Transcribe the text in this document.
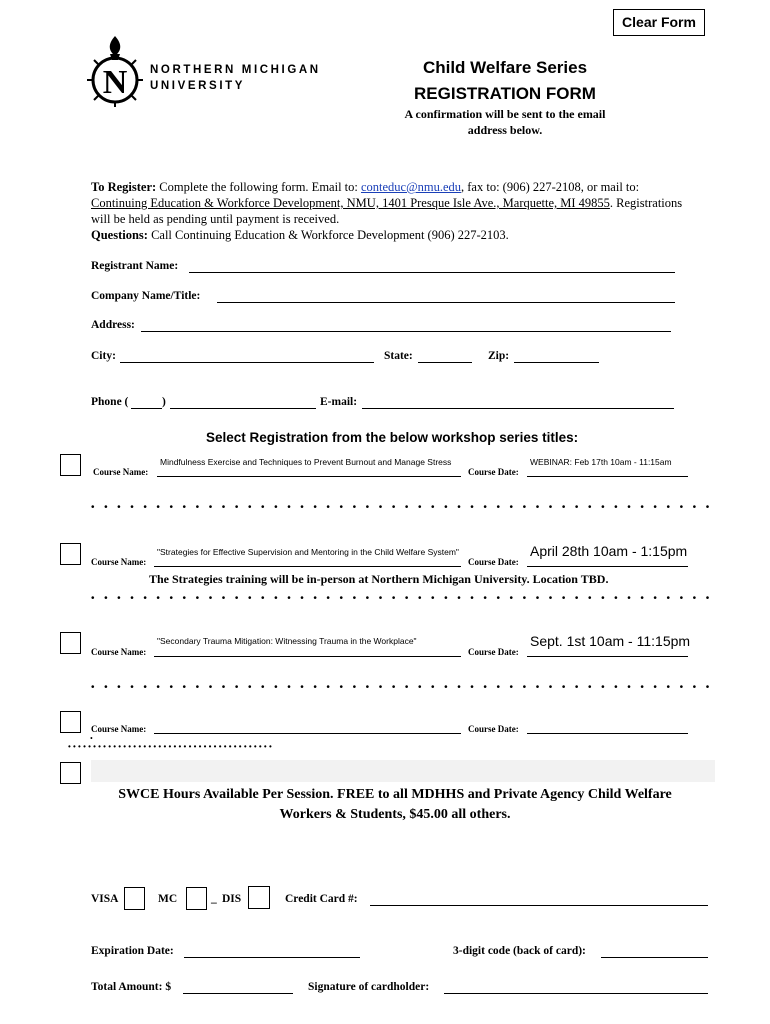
Clear Form
N NORTHERN MICHIGAN
UNIVERSITY
Child Welfare Series
REGISTRATION FORM
A confirmation will be sent to the email
address below.
To Register: Complete the following form. Email to: conteduc@nmu.edu, fax to: (906) 227-2108, or mail to: Continuing Education & Workforce Development, NMU, 1401 Presque Isle Ave., Marquette, MI 49855. Registrations will be held as pending until payment is received.
Questions: Call Continuing Education & Workforce Development (906) 227-2103.
Registrant Name:
Company Name/Title:
Address:
City:	State:	Zip:
Phone (	)	E-mail:
Select Registration from the below workshop series titles:
Course Name:
Mindfulness Exercise and Techniques to Prevent Burnout and Manage Stress
Course Date:
WEBINAR: Feb 17th 10am - 11:15am
• • • • • • • • • • • • • • • • • • • • • • • • • • • • • • • • • • • • • • • • • • • • • • • •
Course Name:
"Strategies for Effective Supervision and Mentoring in the Child Welfare System"
Course Date:
April 28th 10am - 1:15pm
The Strategies training will be in-person at Northern Michigan University. Location TBD.
• • • • • • • • • • • • • • • • • • • • • • • • • • • • • • • • • • • • • • • • • • • • • • • •
Course Name:
"Secondary Trauma Mitigation: Witnessing Trauma in the Workplace"
Course Date:
Sept. 1st 10am - 11:15pm
• • • • • • • • • • • • • • • • • • • • • • • • • • • • • • • • • • • • • • • • • • • • • • • •
Course Name:	Course Date:
•
• • • • • • • • • • • • • • • • • • • • • • • • • • • • • • • • • • • • • • • • •
SWCE Hours Available Per Session. FREE to all MDHHS and Private Agency Child Welfare
Workers & Students, $45.00 all others.
VISA	MC	_ DIS	Credit Card #:
Expiration Date:	3-digit code (back of card):
Total Amount: $	Signature of cardholder:
